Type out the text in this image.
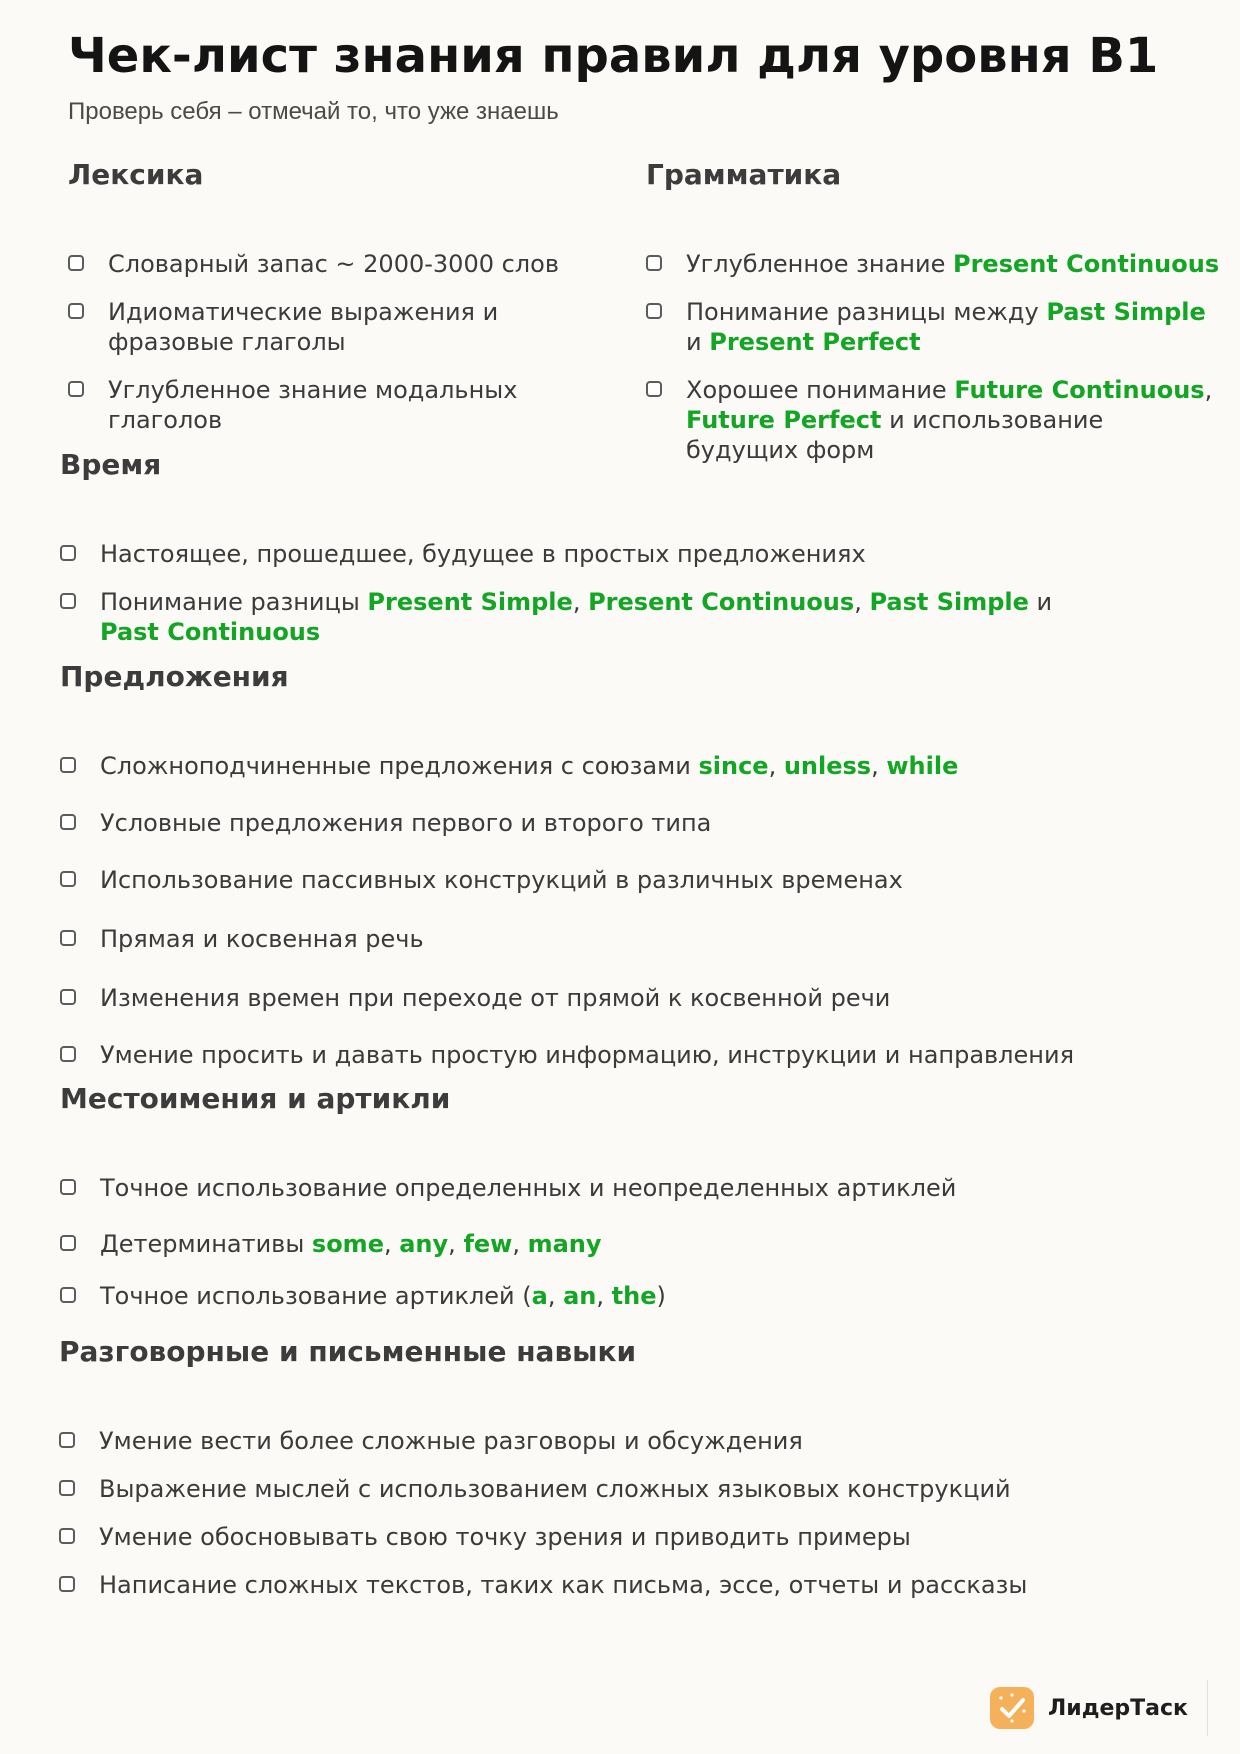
Чек-лист знания правил для уровня B1
Проверь себя – отмечай то, что уже знаешь
Лексика
Словарный запас ~ 2000-3000 слов
Идиоматические выражения и
фразовые глаголы
Углубленное знание модальных
глаголов
Грамматика
Углубленное знание Present Continuous
Понимание разницы между Past Simple
и Present Perfect
Хорошее понимание Future Continuous,
Future Perfect и использование
будущих форм
Время
Настоящее, прошедшее, будущее в простых предложениях
Понимание разницы Present Simple, Present Continuous, Past Simple и
Past Continuous
Предложения
Сложноподчиненные предложения с союзами since, unless, while
Условные предложения первого и второго типа
Использование пассивных конструкций в различных временах
Прямая и косвенная речь
Изменения времен при переходе от прямой к косвенной речи
Умение просить и давать простую информацию, инструкции и направления
Местоимения и артикли
Точное использование определенных и неопределенных артиклей
Детерминативы some, any, few, many
Точное использование артиклей (a, an, the)
Разговорные и письменные навыки
Умение вести более сложные разговоры и обсуждения
Выражение мыслей с использованием сложных языковых конструкций
Умение обосновывать свою точку зрения и приводить примеры
Написание сложных текстов, таких как письма, эссе, отчеты и рассказы
ЛидерТаск
